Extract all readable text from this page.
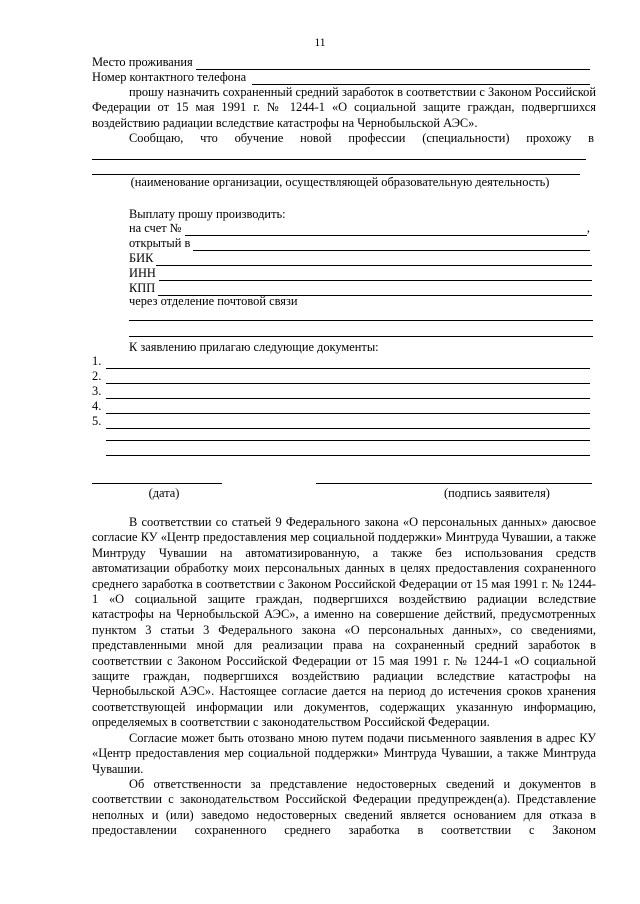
11
Место проживания
Номер контактного телефона

прошу назначить сохраненный средний заработок в соответствии с Законом Российской Федерации от 15 мая 1991 г. № 1244-1 «О социальной защите граждан, подвергшихся воздействию радиации вследствие катастрофы на Чернобыльской АЭС».

Сообщаю, что обучение новой профессии (специальности) прохожу в

(наименование организации, осуществляющей образовательную деятельность)
Выплату прошу производить:
на счет №	,
открытый в
БИК
ИНН
КПП
через отделение почтовой связи
К заявлению прилагаю следующие документы:
1.
2.
3.
4.
5.
(дата)	(подпись заявителя)

В соответствии со статьей 9 Федерального закона «О персональных данных» даюсвое согласие КУ «Центр предоставления мер социальной поддержки» Минтруда Чувашии, а также Минтруду Чувашии на автоматизированную, а также без использования средств автоматизации обработку моих персональных данных в целях предоставления сохраненного среднего заработка в соответствии с Законом Российской Федерации от 15 мая 1991 г. № 1244-1 «О социальной защите граждан, подвергшихся воздействию радиации вследствие катастрофы на Чернобыльской АЭС», а именно на совершение действий, предусмотренных пунктом 3 статьи 3 Федерального закона «О персональных данных», со сведениями, представленными мной для реализации права на сохраненный средний заработок в соответствии с Законом Российской Федерации от 15 мая 1991 г. № 1244-1 «О социальной защите граждан, подвергшихся воздействию радиации вследствие катастрофы на Чернобыльской АЭС». Настоящее согласие дается на период до истечения сроков хранения соответствующей информации или документов, содержащих указанную информацию, определяемых в соответствии с законодательством Российской Федерации.

Согласие может быть отозвано мною путем подачи письменного заявления в адрес КУ «Центр предоставления мер социальной поддержки» Минтруда Чувашии, а также Минтруда Чувашии.

Об ответственности за представление недостоверных сведений и документов в соответствии с законодательством Российской Федерации предупрежден(а). Представление неполных и (или) заведомо недостоверных сведений является основанием для отказа в предоставлении сохраненного среднего заработка в соответствии с Законом
